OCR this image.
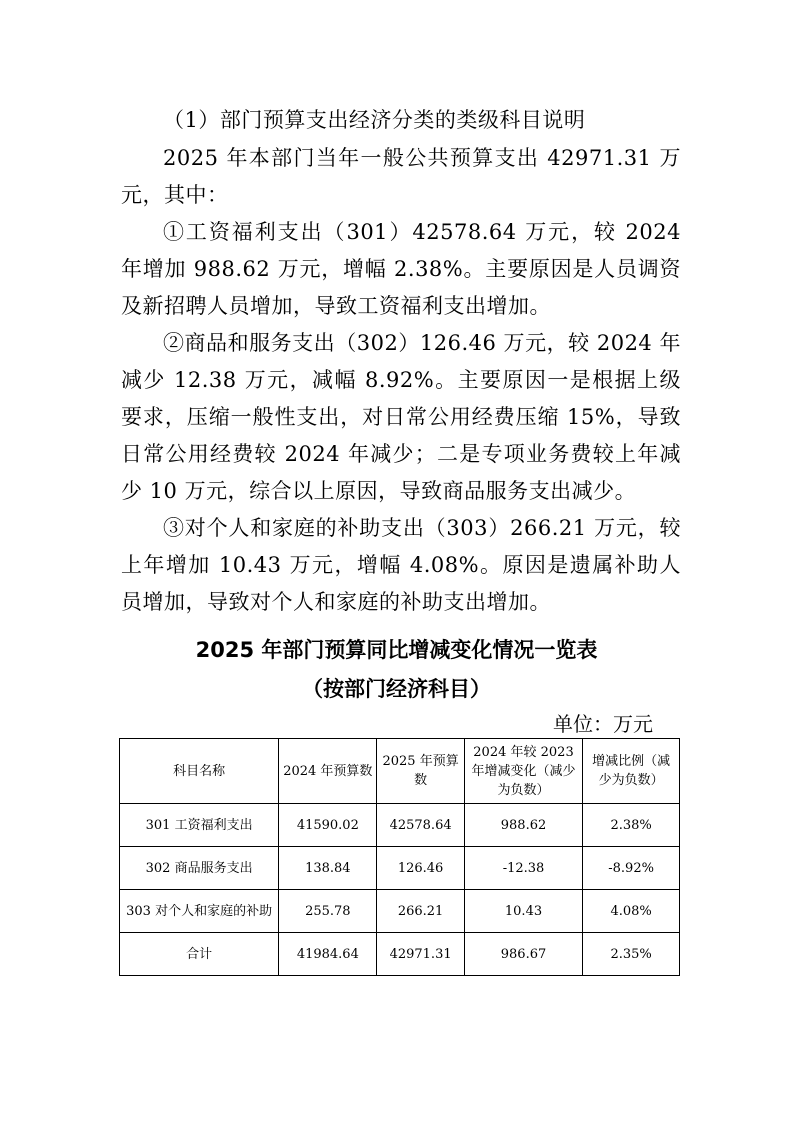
（1）部门预算支出经济分类的类级科目说明

2025 年本部门当年一般公共预算支出 42971.31 万元，其中：

①工资福利支出（301）42578.64 万元，较 2024 年增加 988.62 万元，增幅 2.38%。主要原因是人员调资及新招聘人员增加，导致工资福利支出增加。

②商品和服务支出（302）126.46 万元，较 2024 年减少 12.38 万元，减幅 8.92%。主要原因一是根据上级要求，压缩一般性支出，对日常公用经费压缩 15%，导致日常公用经费较 2024 年减少；二是专项业务费较上年减少 10 万元，综合以上原因，导致商品服务支出减少。

③对个人和家庭的补助支出（303）266.21 万元，较上年增加 10.43 万元，增幅 4.08%。原因是遗属补助人员增加，导致对个人和家庭的补助支出增加。

2025 年部门预算同比增减变化情况一览表

（按部门经济科目）

单位：万元

科目名称	2024 年预算数	2025 年预算数	2024 年较 2023 年增减变化（减少为负数）	增减比例（减少为负数）
301 工资福利支出	41590.02	42578.64	988.62	2.38%
302 商品服务支出	138.84	126.46	-12.38	-8.92%
303 对个人和家庭的补助	255.78	266.21	10.43	4.08%
合计	41984.64	42971.31	986.67	2.35%
